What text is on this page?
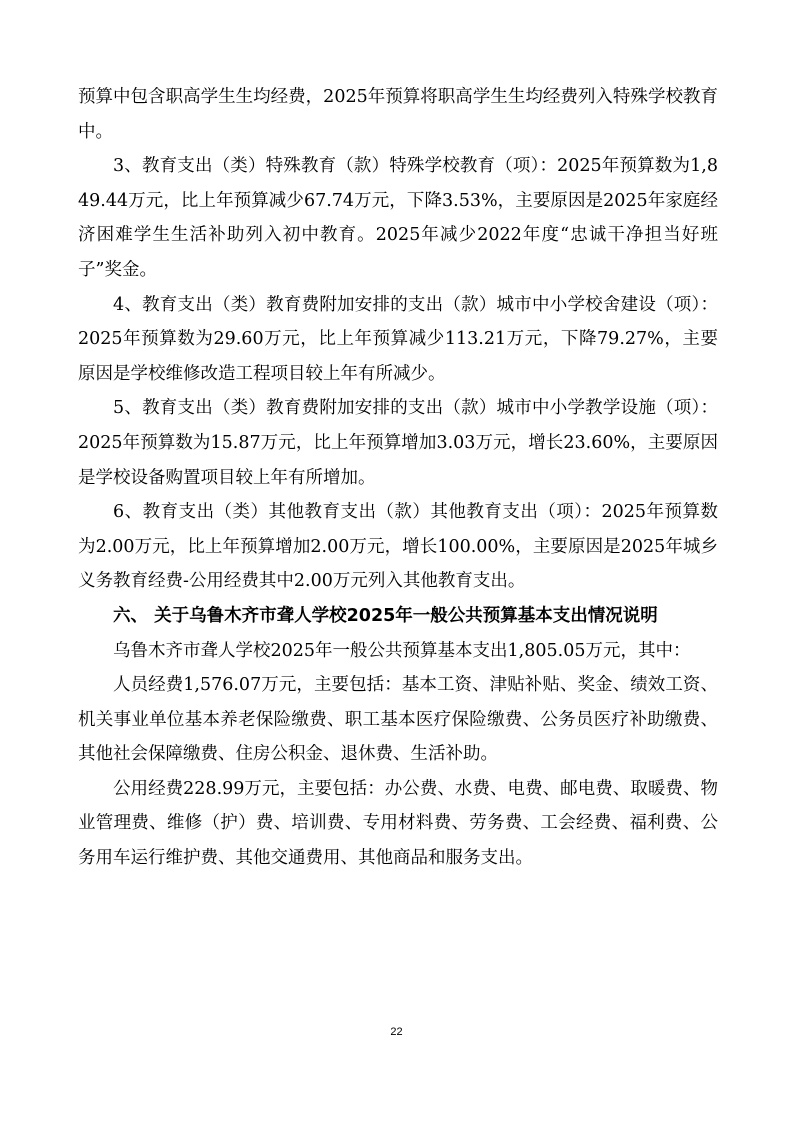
预算中包含职高学生生均经费，2025年预算将职高学生生均经费列入特殊学校教育中。

3、教育支出（类）特殊教育（款）特殊学校教育（项）：2025年预算数为1,849.44万元，比上年预算减少67.74万元，下降3.53%，主要原因是2025年家庭经济困难学生生活补助列入初中教育。2025年减少2022年度“忠诚干净担当好班子”奖金。

4、教育支出（类）教育费附加安排的支出（款）城市中小学校舍建设（项）：2025年预算数为29.60万元，比上年预算减少113.21万元，下降79.27%，主要原因是学校维修改造工程项目较上年有所减少。

5、教育支出（类）教育费附加安排的支出（款）城市中小学教学设施（项）：2025年预算数为15.87万元，比上年预算增加3.03万元，增长23.60%，主要原因是学校设备购置项目较上年有所增加。

6、教育支出（类）其他教育支出（款）其他教育支出（项）：2025年预算数为2.00万元，比上年预算增加2.00万元，增长100.00%，主要原因是2025年城乡义务教育经费-公用经费其中2.00万元列入其他教育支出。

六、 关于乌鲁木齐市聋人学校2025年一般公共预算基本支出情况说明

乌鲁木齐市聋人学校2025年一般公共预算基本支出1,805.05万元，其中：

人员经费1,576.07万元，主要包括：基本工资、津贴补贴、奖金、绩效工资、机关事业单位基本养老保险缴费、职工基本医疗保险缴费、公务员医疗补助缴费、其他社会保障缴费、住房公积金、退休费、生活补助。

公用经费228.99万元，主要包括：办公费、水费、电费、邮电费、取暖费、物业管理费、维修（护）费、培训费、专用材料费、劳务费、工会经费、福利费、公务用车运行维护费、其他交通费用、其他商品和服务支出。

22
